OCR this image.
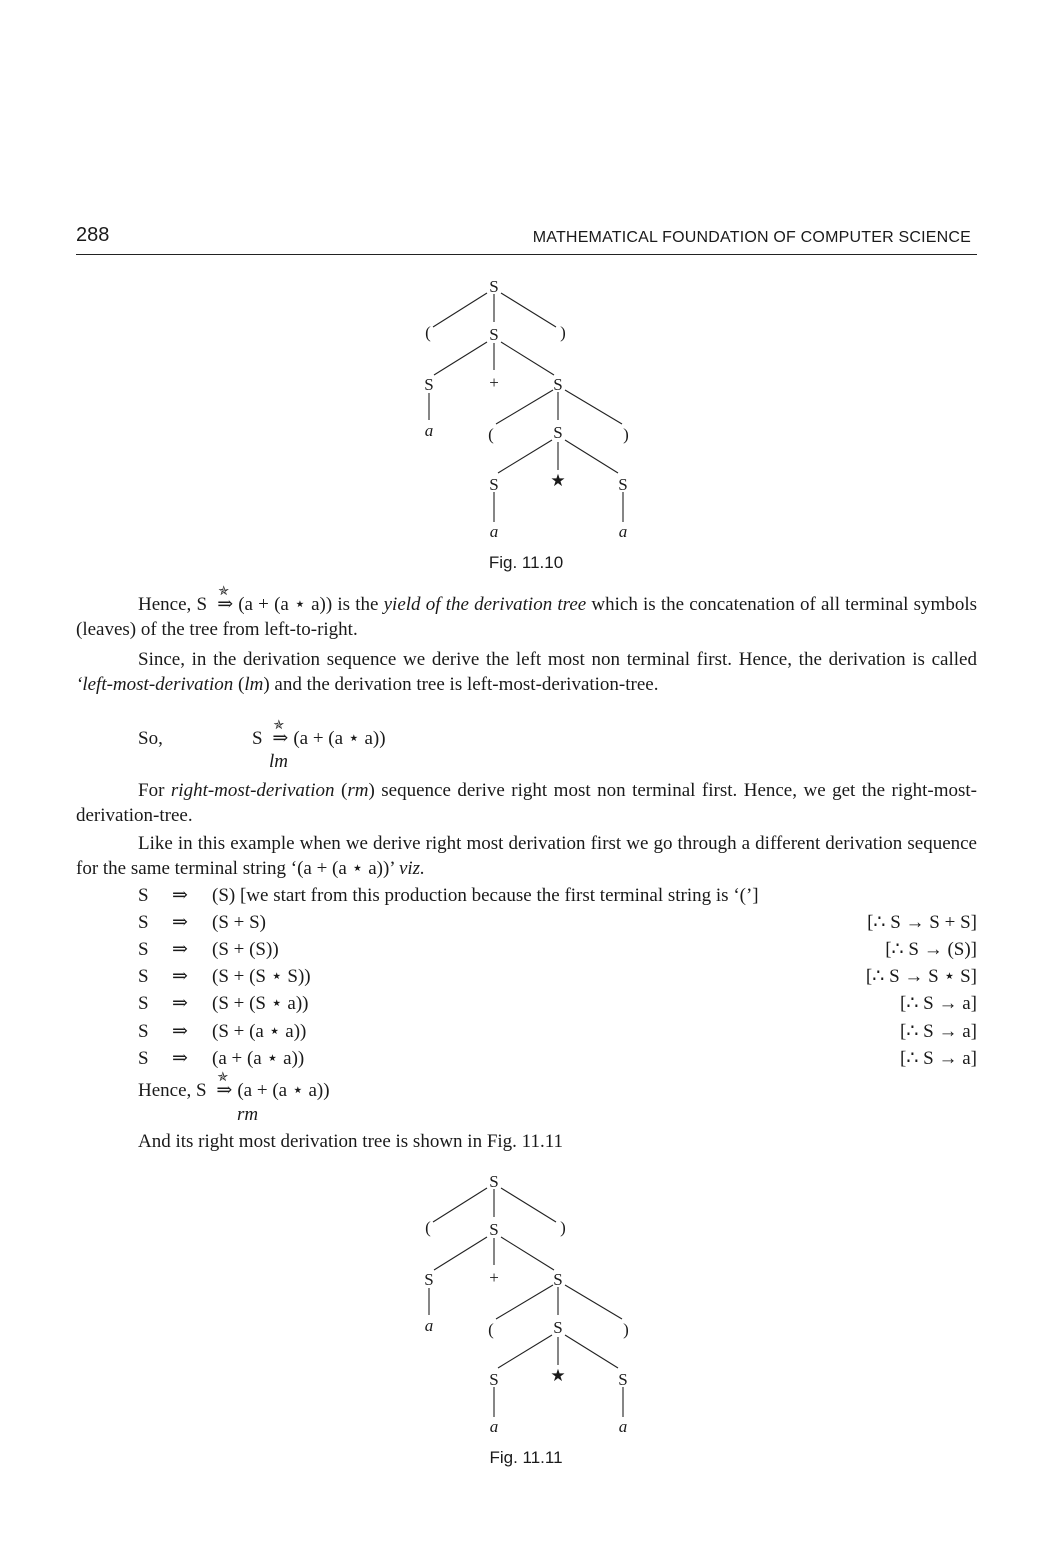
288	MATHEMATICAL FOUNDATION OF COMPUTER SCIENCE
S
(	S	)
S	+	S
a	(	S	)
S	★	S
a	a
Fig. 11.10
Hence, S
✯
⇒ (a + (a ⋆ a)) is the yield of the derivation tree which is the concatenation of all terminal symbols (leaves) of the tree from left-to-right.
Since, in the derivation sequence we derive the left most non terminal first. Hence, the derivation is called ‘left-most-derivation (lm) and the derivation tree is left-most-derivation-tree.
So,	S
✯
⇒ (a + (a ⋆ a))
lm
For right-most-derivation (rm) sequence derive right most non terminal first. Hence, we get the right-most-derivation-tree.
Like in this example when we derive right most derivation first we go through a different derivation sequence for the same terminal string ‘(a + (a ⋆ a))’ viz.
S ⇒ (S) [we start from this production because the first terminal string is ‘(’]
S ⇒ (S + S)	[∴ S → S + S]
S ⇒ (S + (S))	[∴ S → (S)]
S ⇒ (S + (S ⋆ S))	[∴ S → S ⋆ S]
S ⇒ (S + (S ⋆ a))	[∴ S → a]
S ⇒ (S + (a ⋆ a))	[∴ S → a]
S ⇒ (a + (a ⋆ a))	[∴ S → a]
Hence, S
✯
⇒ (a + (a ⋆ a))
rm
And its right most derivation tree is shown in Fig. 11.11
S
(	S	)
S	+	S
a	(	S	)
S	★	S
a	a
Fig. 11.11
